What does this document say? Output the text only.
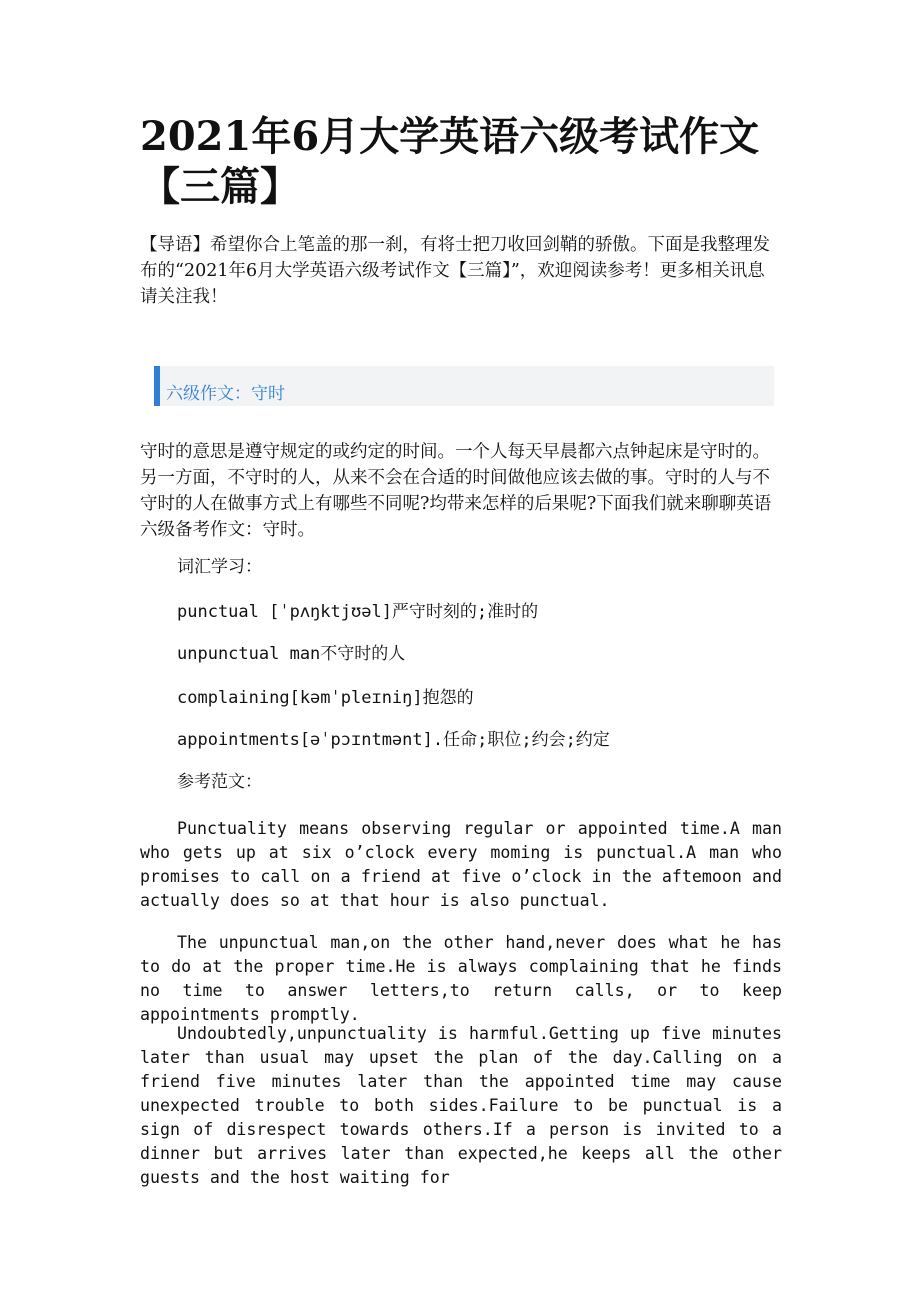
2021年6月大学英语六级考试作文【三篇】

【导语】希望你合上笔盖的那一刹，有将士把刀收回剑鞘的骄傲。下面是我整理发布的“2021年6月大学英语六级考试作文【三篇】”，欢迎阅读参考！更多相关讯息请关注我！

六级作文：守时

守时的意思是遵守规定的或约定的时间。一个人每天早晨都六点钟起床是守时的。另一方面，不守时的人，从来不会在合适的时间做他应该去做的事。守时的人与不守时的人在做事方式上有哪些不同呢?均带来怎样的后果呢?下面我们就来聊聊英语六级备考作文：守时。

词汇学习：

punctual [ˈpʌŋktjʊəl]严守时刻的;准时的

unpunctual man不守时的人

complaining[kəmˈpleɪniŋ]抱怨的

appointments[əˈpɔɪntmənt].任命;职位;约会;约定

参考范文：

Punctuality means observing regular or appointed time.A man who gets up at six o’clock every moming is punctual.A man who promises to call on a friend at five o’clock in the aftemoon and actually does so at that hour is also punctual.

The unpunctual man,on the other hand,never does what he has to do at the proper time.He is always complaining that he finds no time to answer letters,to return calls, or to keep appointments promptly.

Undoubtedly,unpunctuality is harmful.Getting up five minutes later than usual may upset the plan of the day.Calling on a friend five minutes later than the appointed time may cause unexpected trouble to both sides.Failure to be punctual is a sign of disrespect towards others.If a person is invited to a dinner but arrives later than expected,he keeps all the other guests and the host waiting for
